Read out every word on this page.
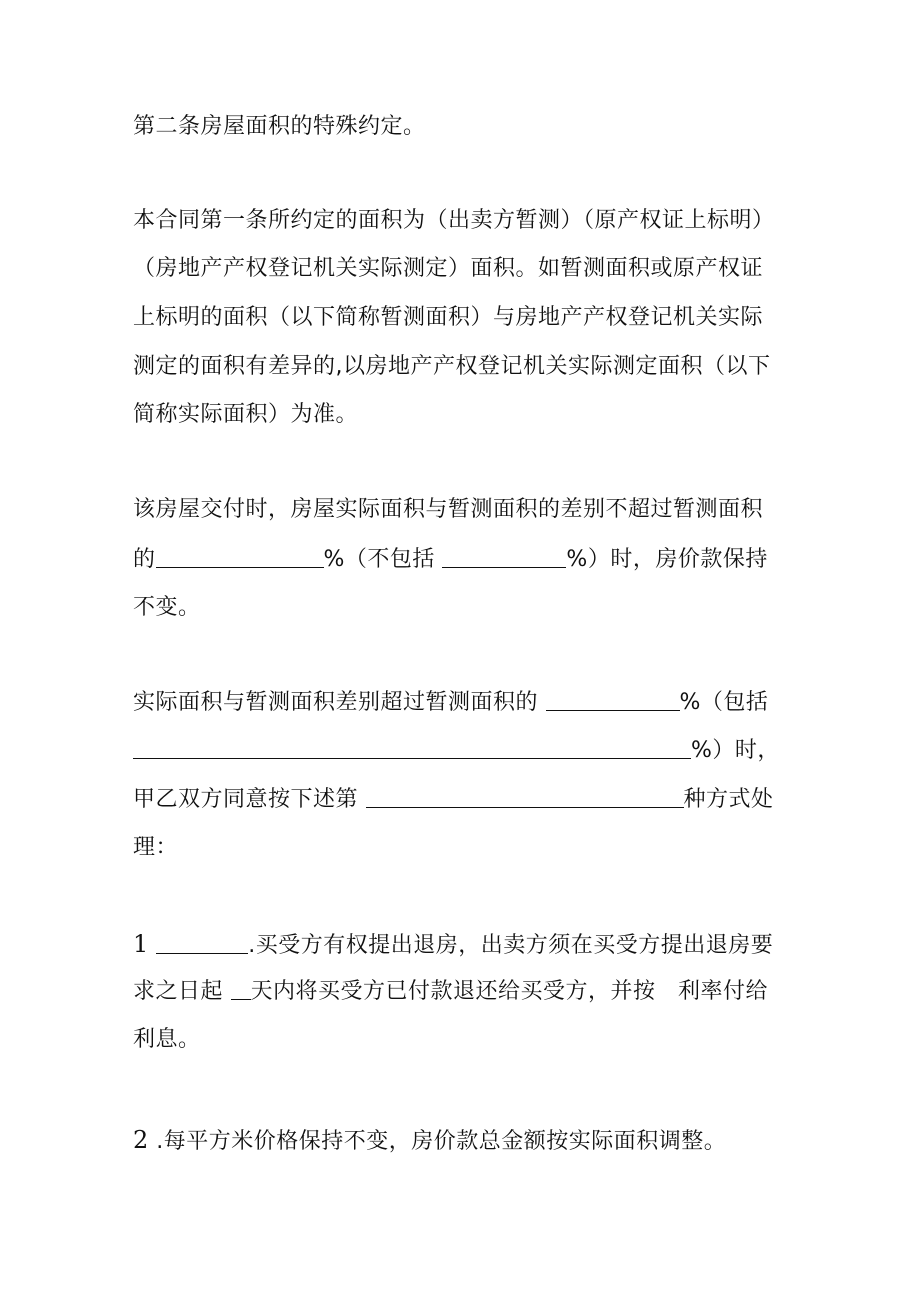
第二条房屋面积的特殊约定。
本合同第一条所约定的面积为（出卖方暂测）（原产权证上标明）
（房地产产权登记机关实际测定）面积。如暂测面积或原产权证
上标明的面积（以下简称暂测面积）与房地产产权登记机关实际
测定的面积有差异的,以房地产产权登记机关实际测定面积（以下
简称实际面积）为准。
该房屋交付时，房屋实际面积与暂测面积的差别不超过暂测面积
的	%（不包括	%）时，房价款保持
不变。
实际面积与暂测面积差别超过暂测面积的	%（包括
%）时，
甲乙双方同意按下述第	种方式处
理：
1	.买受方有权提出退房，出卖方须在买受方提出退房要
求之日起 天内将买受方已付款退还给买受方，并按   利率付给
利息。
2 .每平方米价格保持不变，房价款总金额按实际面积调整。
